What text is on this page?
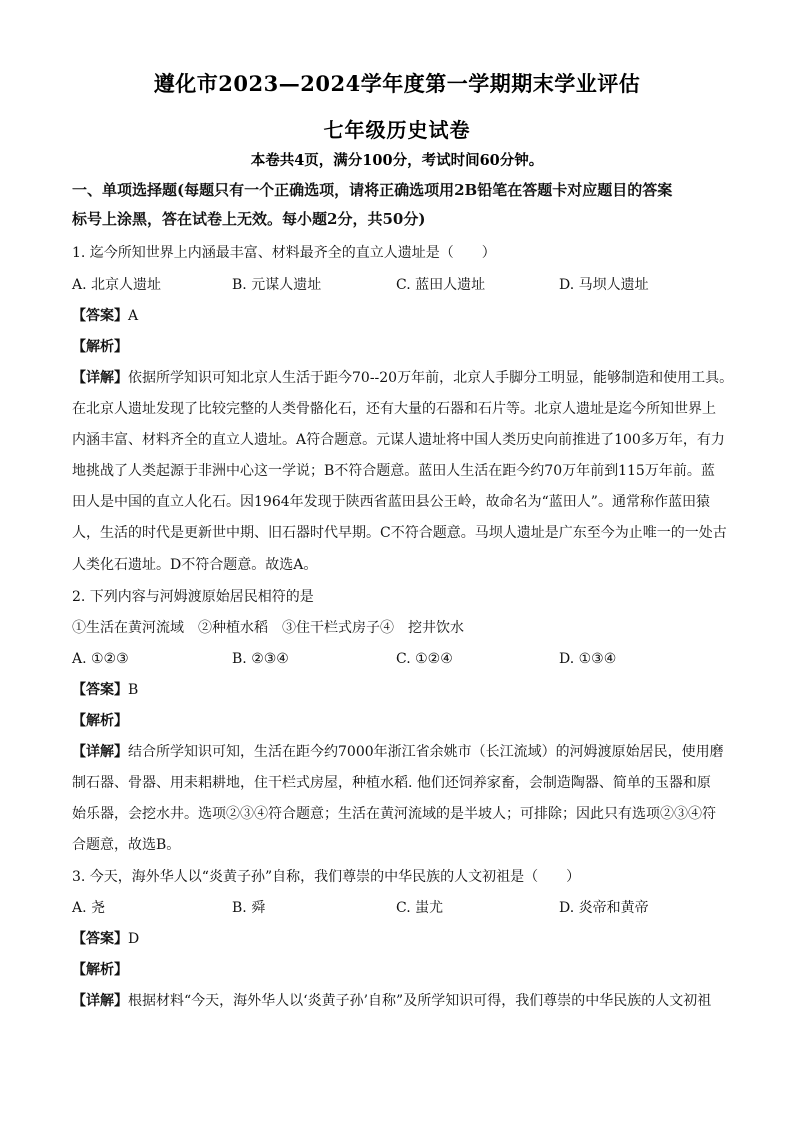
遵化市2023—2024学年度第一学期期末学业评估
七年级历史试卷
本卷共4页，满分100分，考试时间60分钟。
一、单项选择题(每题只有一个正确选项，请将正确选项用2B铅笔在答题卡对应题目的答案
标号上涂黑，答在试卷上无效。每小题2分，共50分)
1. 迄今所知世界上内涵最丰富、材料最齐全的直立人遗址是（　　）
A. 北京人遗址	B. 元谋人遗址	C. 蓝田人遗址	D. 马坝人遗址
【答案】A
【解析】
【详解】依据所学知识可知北京人生活于距今70--20万年前，北京人手脚分工明显，能够制造和使用工具。
在北京人遗址发现了比较完整的人类骨骼化石，还有大量的石器和石片等。北京人遗址是迄今所知世界上
内涵丰富、材料齐全的直立人遗址。A符合题意。元谋人遗址将中国人类历史向前推进了100多万年，有力
地挑战了人类起源于非洲中心这一学说；B不符合题意。蓝田人生活在距今约70万年前到115万年前。蓝
田人是中国的直立人化石。因1964年发现于陕西省蓝田县公王岭，故命名为“蓝田人”。通常称作蓝田猿
人，生活的时代是更新世中期、旧石器时代早期。C不符合题意。马坝人遗址是广东至今为止唯一的一处古
人类化石遗址。D不符合题意。故选A。
2. 下列内容与河姆渡原始居民相符的是
①生活在黄河流域　②种植水稻　③住干栏式房子④　挖井饮水
A. ①②③	B. ②③④	C. ①②④	D. ①③④
【答案】B
【解析】
【详解】结合所学知识可知，生活在距今约7000年浙江省余姚市（长江流域）的河姆渡原始居民，使用磨
制石器、骨器、用耒耜耕地，住干栏式房屋，种植水稻. 他们还饲养家畜，会制造陶器、简单的玉器和原
始乐器，会挖水井。选项②③④符合题意；生活在黄河流域的是半坡人；可排除；因此只有选项②③④符
合题意，故选B。
3. 今天，海外华人以“炎黄子孙”自称，我们尊崇的中华民族的人文初祖是（　　）
A. 尧	B. 舜	C. 蚩尤	D. 炎帝和黄帝
【答案】D
【解析】
【详解】根据材料“今天，海外华人以‘炎黄子孙’自称”及所学知识可得，我们尊崇的中华民族的人文初祖
